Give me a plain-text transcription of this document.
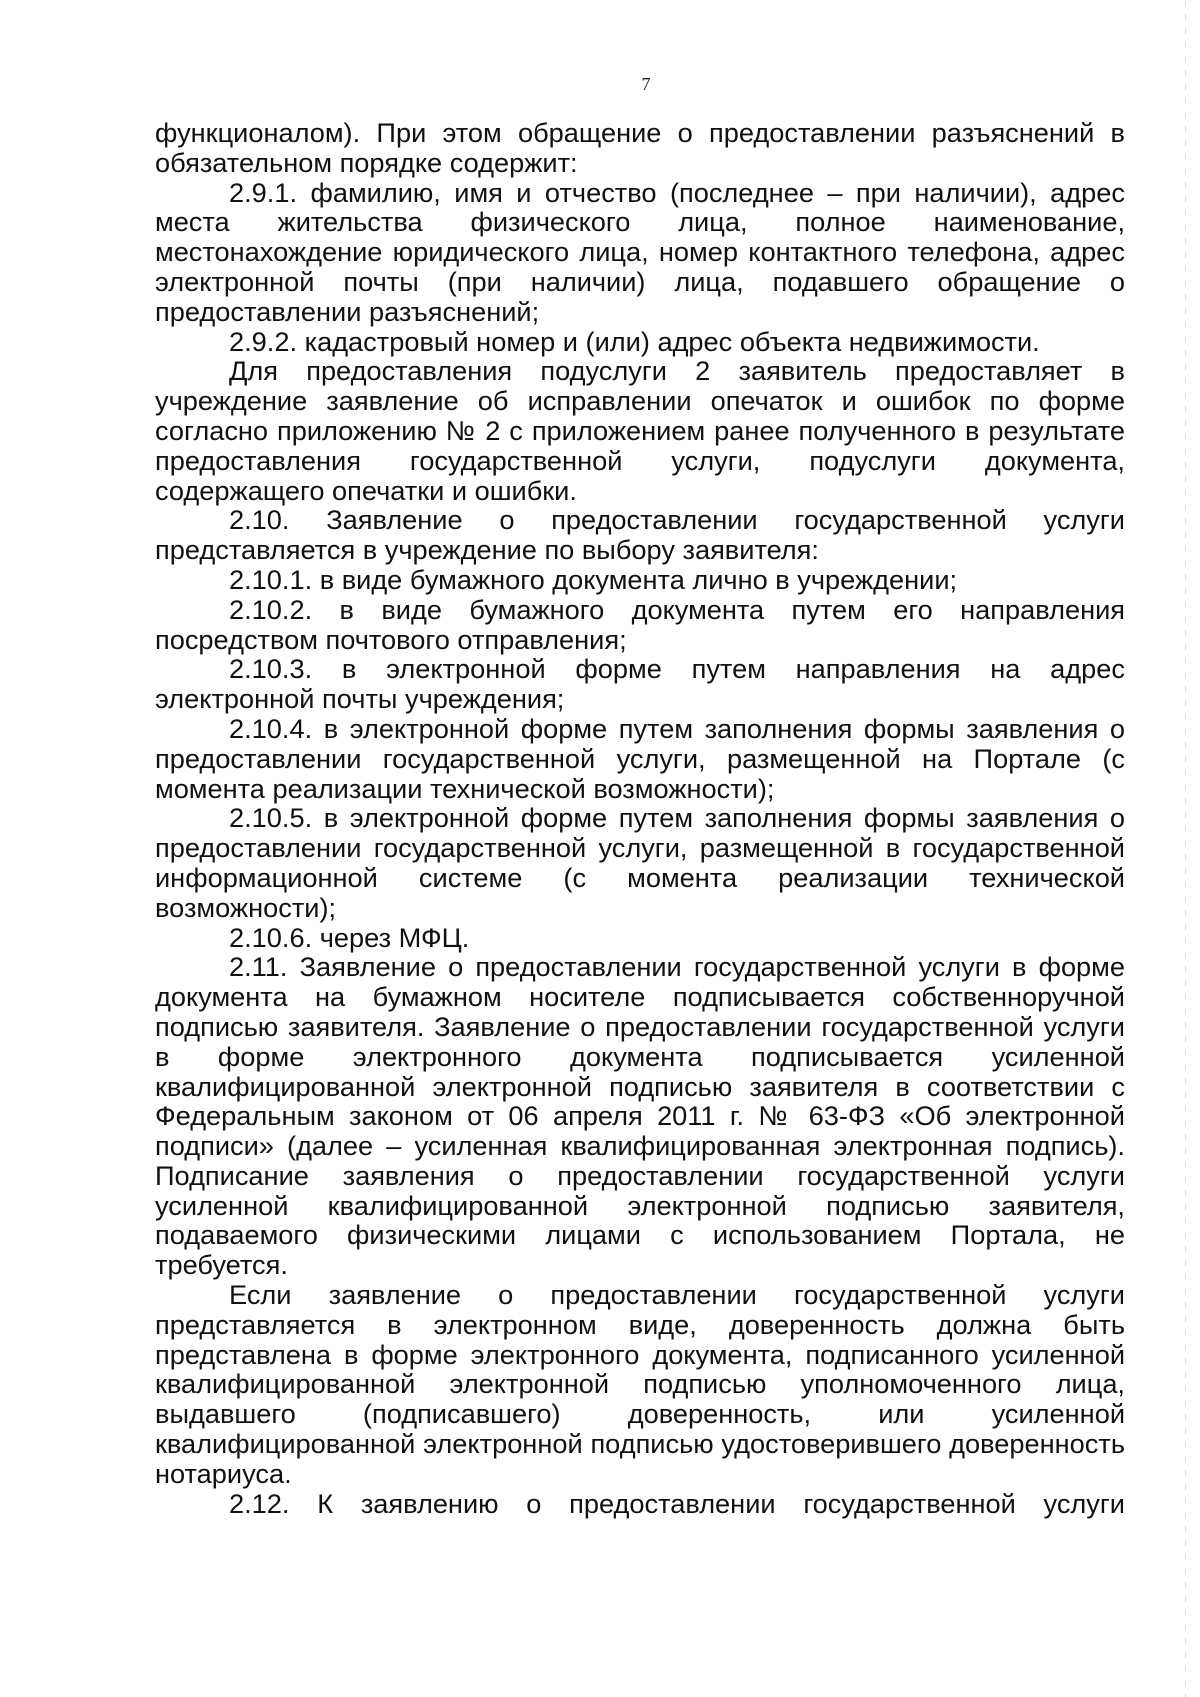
7

функционалом). При этом обращение о предоставлении разъяснений в обязательном порядке содержит:

2.9.1. фамилию, имя и отчество (последнее – при наличии), адрес места жительства физического лица, полное наименование, местонахождение юридического лица, номер контактного телефона, адрес электронной почты (при наличии) лица, подавшего обращение о предоставлении разъяснений;

2.9.2. кадастровый номер и (или) адрес объекта недвижимости.

Для предоставления подуслуги 2 заявитель предоставляет в учреждение заявление об исправлении опечаток и ошибок по форме согласно приложению № 2 с приложением ранее полученного в результате предоставления государственной услуги, подуслуги документа, содержащего опечатки и ошибки.

2.10. Заявление о предоставлении государственной услуги представляется в учреждение по выбору заявителя:

2.10.1. в виде бумажного документа лично в учреждении;

2.10.2. в виде бумажного документа путем его направления посредством почтового отправления;

2.10.3. в электронной форме путем направления на адрес электронной почты учреждения;

2.10.4. в электронной форме путем заполнения формы заявления о предоставлении государственной услуги, размещенной на Портале (с момента реализации технической возможности);

2.10.5. в электронной форме путем заполнения формы заявления о предоставлении государственной услуги, размещенной в государственной информационной системе (с момента реализации технической возможности);

2.10.6. через МФЦ.

2.11. Заявление о предоставлении государственной услуги в форме документа на бумажном носителе подписывается собственноручной подписью заявителя. Заявление о предоставлении государственной услуги в форме электронного документа подписывается усиленной квалифицированной электронной подписью заявителя в соответствии с Федеральным законом от 06 апреля 2011 г. № 63-ФЗ «Об электронной подписи» (далее – усиленная квалифицированная электронная подпись). Подписание заявления о предоставлении государственной услуги усиленной квалифицированной электронной подписью заявителя, подаваемого физическими лицами с использованием Портала, не требуется.

Если заявление о предоставлении государственной услуги представляется в электронном виде, доверенность должна быть представлена в форме электронного документа, подписанного усиленной квалифицированной электронной подписью уполномоченного лица, выдавшего (подписавшего) доверенность, или усиленной квалифицированной электронной подписью удостоверившего доверенность нотариуса.

2.12. К заявлению о предоставлении государственной услуги
